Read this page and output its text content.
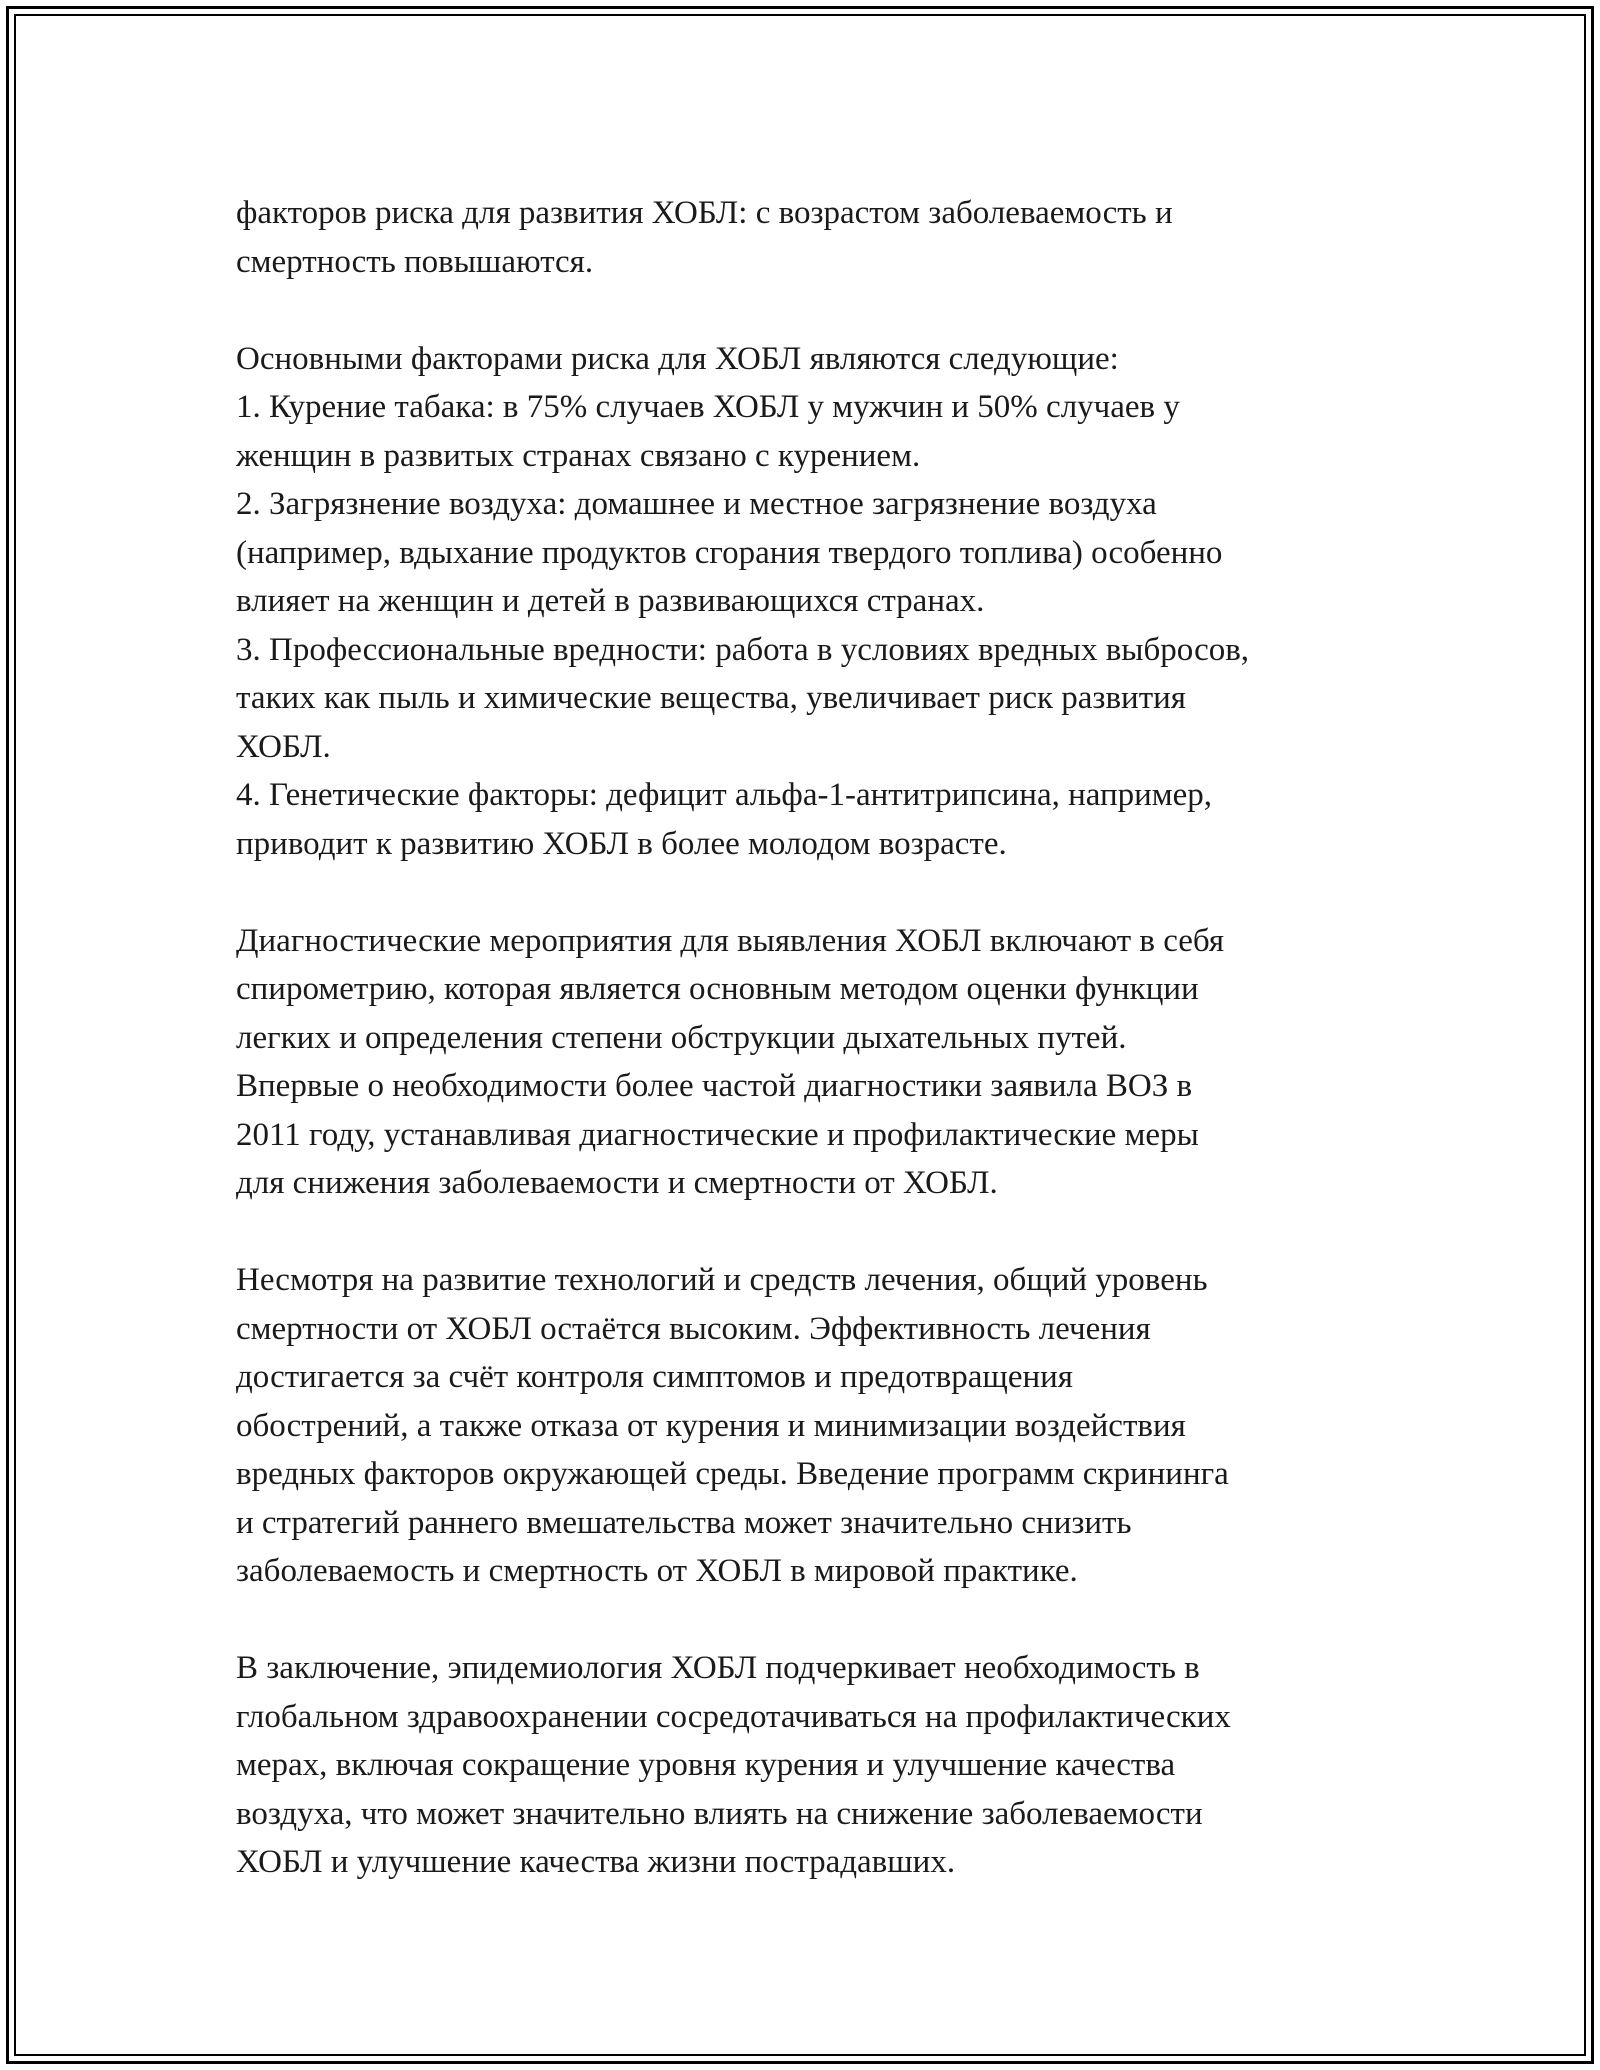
факторов риска для развития ХОБЛ: с возрастом заболеваемость и
смертность повышаются.

Основными факторами риска для ХОБЛ являются следующие:
1. Курение табака: в 75% случаев ХОБЛ у мужчин и 50% случаев у
женщин в развитых странах связано с курением.
2. Загрязнение воздуха: домашнее и местное загрязнение воздуха
(например, вдыхание продуктов сгорания твердого топлива) особенно
влияет на женщин и детей в развивающихся странах.
3. Профессиональные вредности: работа в условиях вредных выбросов,
таких как пыль и химические вещества, увеличивает риск развития
ХОБЛ.
4. Генетические факторы: дефицит альфа-1-антитрипсина, например,
приводит к развитию ХОБЛ в более молодом возрасте.

Диагностические мероприятия для выявления ХОБЛ включают в себя
спирометрию, которая является основным методом оценки функции
легких и определения степени обструкции дыхательных путей.
Впервые о необходимости более частой диагностики заявила ВОЗ в
2011 году, устанавливая диагностические и профилактические меры
для снижения заболеваемости и смертности от ХОБЛ.

Несмотря на развитие технологий и средств лечения, общий уровень
смертности от ХОБЛ остаётся высоким. Эффективность лечения
достигается за счёт контроля симптомов и предотвращения
обострений, а также отказа от курения и минимизации воздействия
вредных факторов окружающей среды. Введение программ скрининга
и стратегий раннего вмешательства может значительно снизить
заболеваемость и смертность от ХОБЛ в мировой практике.

В заключение, эпидемиология ХОБЛ подчеркивает необходимость в
глобальном здравоохранении сосредотачиваться на профилактических
мерах, включая сокращение уровня курения и улучшение качества
воздуха, что может значительно влиять на снижение заболеваемости
ХОБЛ и улучшение качества жизни пострадавших.
